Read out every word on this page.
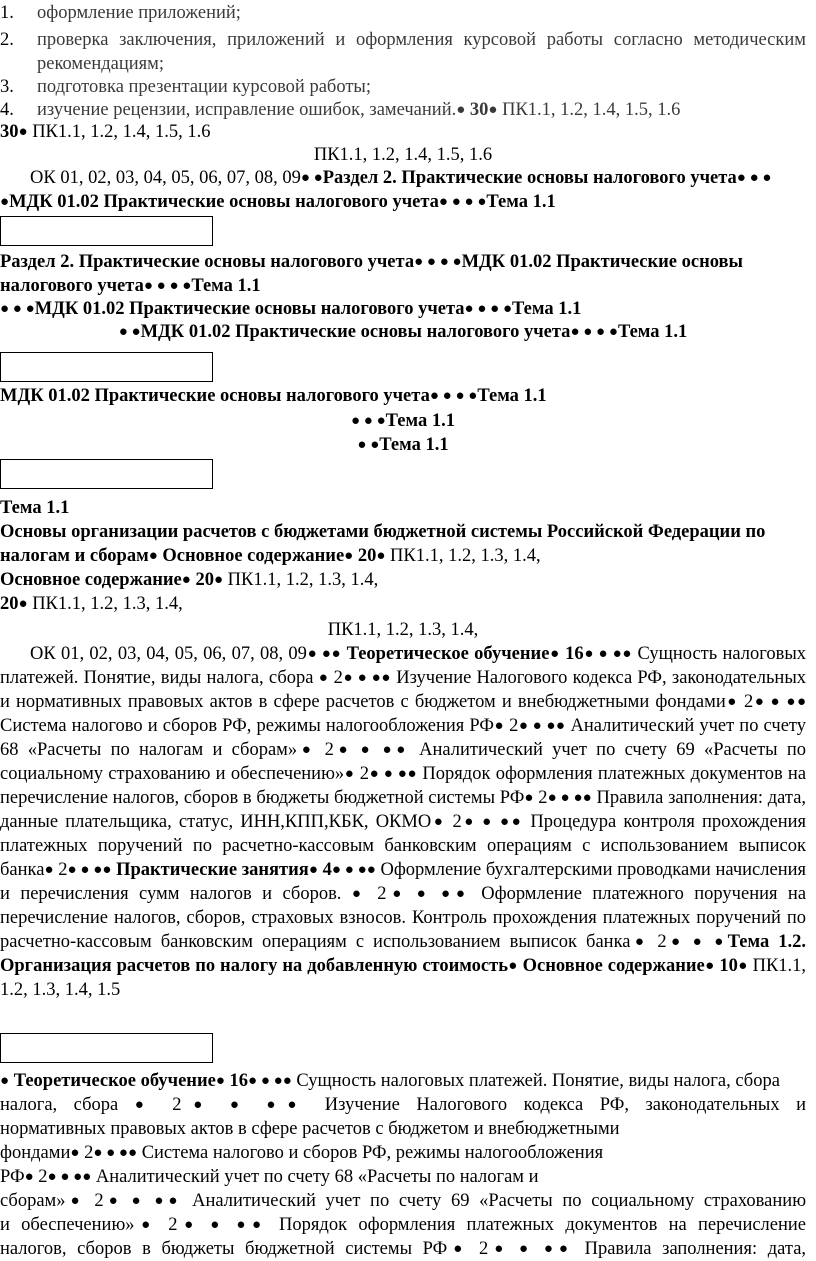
1. оформление приложений;
2. проверка заключения, приложений и оформления курсовой работы согласно методическим рекомендациям;
3. подготовка презентации курсовой работы;
4. изучение рецензии, исправление ошибок, замечаний.● 30● ПК1.1, 1.2, 1.4, 1.5, 1.6
30● ПК1.1, 1.2, 1.4, 1.5, 1.6
ПК1.1, 1.2, 1.4, 1.5, 1.6
ОК 01, 02, 03, 04, 05, 06, 07, 08, 09● ●Раздел 2. Практические основы налогового учета● ● ● ●МДК 01.02 Практические основы налогового учета● ● ● ●Тема 1.1
Раздел 2. Практические основы налогового учета● ● ● ●МДК 01.02 Практические основы налогового учета● ● ● ●Тема 1.1
● ● ●МДК 01.02 Практические основы налогового учета● ● ● ●Тема 1.1
● ●МДК 01.02 Практические основы налогового учета● ● ● ●Тема 1.1
МДК 01.02 Практические основы налогового учета● ● ● ●Тема 1.1
● ● ●Тема 1.1
● ●Тема 1.1
Тема 1.1
Основы организации расчетов с бюджетами бюджетной системы Российской Федерации по налогам и сборам● Основное содержание● 20● ПК1.1, 1.2, 1.3, 1.4,
Основное содержание● 20● ПК1.1, 1.2, 1.3, 1.4,
20● ПК1.1, 1.2, 1.3, 1.4,
ПК1.1, 1.2, 1.3, 1.4,
ОК 01, 02, 03, 04, 05, 06, 07, 08, 09● ●● Теоретическое обучение● 16● ● ●● Сущность налоговых платежей. Понятие, виды налога, сбора ● 2● ● ●● Изучение Налогового кодекса РФ, законодательных и нормативных правовых актов в сфере расчетов с бюджетом и внебюджетными фондами● 2● ● ●● Система налогово и сборов РФ, режимы налогообложения РФ● 2● ● ●● Аналитический учет по счету 68 «Расчеты по налогам и сборам»● 2● ● ●● Аналитический учет по счету 69 «Расчеты по социальному страхованию и обеспечению»● 2● ● ●● Порядок оформления платежных документов на перечисление налогов, сборов в бюджеты бюджетной системы РФ● 2● ● ●● Правила заполнения: дата, данные плательщика, статус, ИНН,КПП,КБК, ОКМО● 2● ● ●● Процедура контроля прохождения платежных поручений по расчетно-кассовым банковским операциям с использованием выписок банка● 2● ● ●● Практические занятия● 4● ● ●● Оформление бухгалтерскими проводками начисления и перечисления сумм налогов и сборов. ● 2● ● ●● Оформление платежного поручения на перечисление налогов, сборов, страховых взносов. Контроль прохождения платежных поручений по расчетно-кассовым банковским операциям с использованием выписок банка● 2● ● ●Тема 1.2. Организация расчетов по налогу на добавленную стоимость● Основное содержание● 10● ПК1.1, 1.2, 1.3, 1.4, 1.5
● Теоретическое обучение● 16● ● ●● Сущность налоговых платежей. Понятие, виды налога, сбора
налога, сбора ● 2● ● ●● Изучение Налогового кодекса РФ, законодательных и
нормативных правовых актов в сфере расчетов с бюджетом и внебюджетными
фондами● 2● ● ●● Система налогово и сборов РФ, режимы налогообложения
РФ● 2● ● ●● Аналитический учет по счету 68 «Расчеты по налогам и
сборам»● 2● ● ●● Аналитический учет по счету 69 «Расчеты по социальному страхованию
и обеспечению»● 2● ● ●● Порядок оформления платежных документов на перечисление
налогов, сборов в бюджеты бюджетной системы РФ● 2● ● ●● Правила заполнения: дата,
